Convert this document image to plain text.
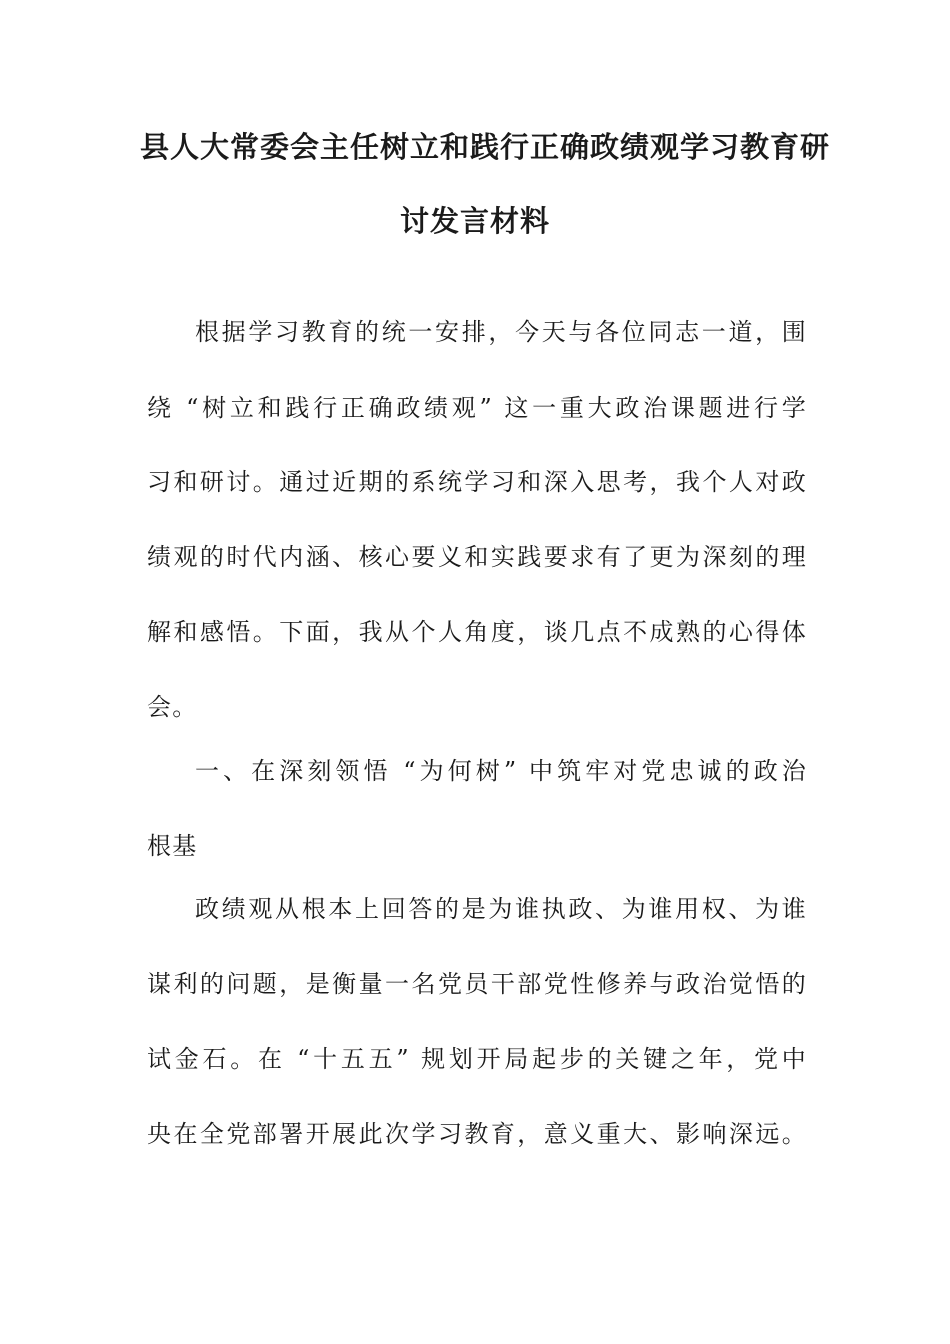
县人大常委会主任树立和践行正确政绩观学习教育研
讨发言材料
根据学习教育的统一安排，今天与各位同志一道，围
绕 “树立和践行正确政绩观” 这一重大政治课题进行学
习和研讨。通过近期的系统学习和深入思考，我个人对政
绩观的时代内涵、核心要义和实践要求有了更为深刻的理
解和感悟。下面，我从个人角度，谈几点不成熟的心得体
会。
一、在深刻领悟 “为何树” 中筑牢对党忠诚的政治
根基
政绩观从根本上回答的是为谁执政、为谁用权、为谁
谋利的问题，是衡量一名党员干部党性修养与政治觉悟的
试金石。在 “十五五” 规划开局起步的关键之年，党中
央在全党部署开展此次学习教育，意义重大、影响深远。
